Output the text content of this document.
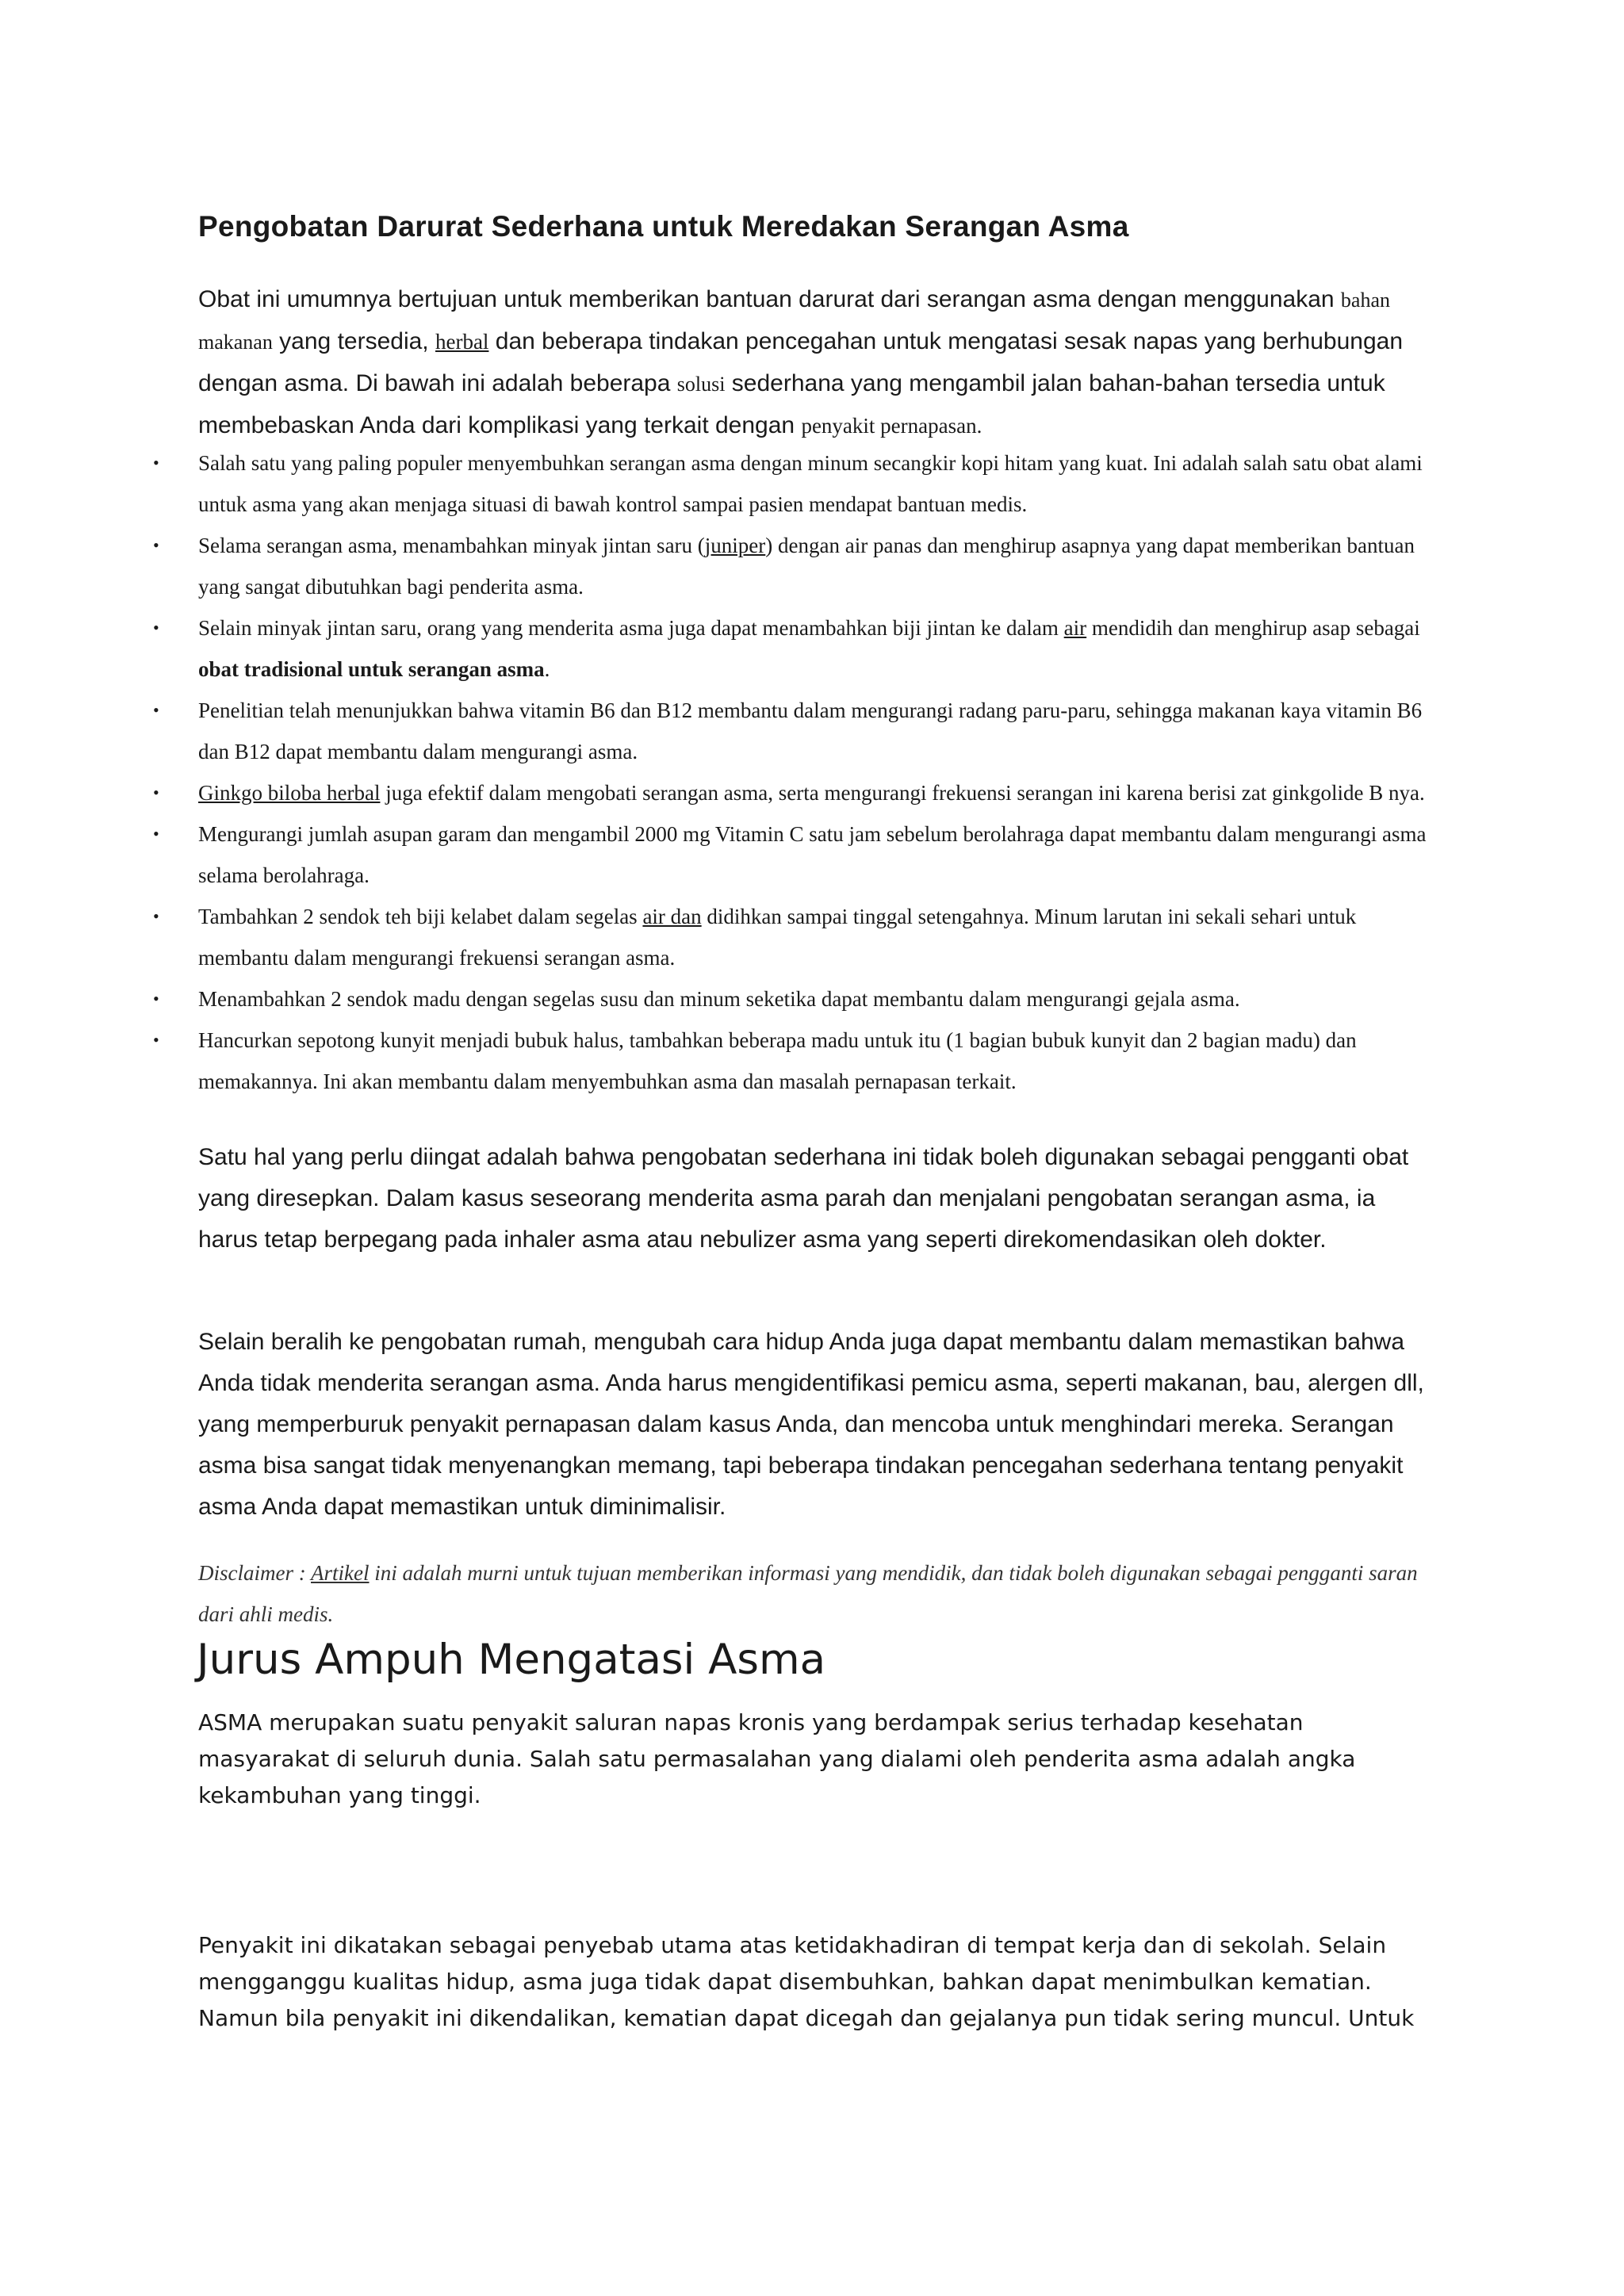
Pengobatan Darurat Sederhana untuk Meredakan Serangan Asma

Obat ini umumnya bertujuan untuk memberikan bantuan darurat dari serangan asma dengan menggunakan bahan makanan yang tersedia, herbal dan beberapa tindakan pencegahan untuk mengatasi sesak napas yang berhubungan dengan asma. Di bawah ini adalah beberapa solusi sederhana yang mengambil jalan bahan-bahan tersedia untuk membebaskan Anda dari komplikasi yang terkait dengan penyakit pernapasan.

• Salah satu yang paling populer menyembuhkan serangan asma dengan minum secangkir kopi hitam yang kuat. Ini adalah salah satu obat alami untuk asma yang akan menjaga situasi di bawah kontrol sampai pasien mendapat bantuan medis.
• Selama serangan asma, menambahkan minyak jintan saru (juniper) dengan air panas dan menghirup asapnya yang dapat memberikan bantuan yang sangat dibutuhkan bagi penderita asma.
• Selain minyak jintan saru, orang yang menderita asma juga dapat menambahkan biji jintan ke dalam air mendidih dan menghirup asap sebagai obat tradisional untuk serangan asma.
• Penelitian telah menunjukkan bahwa vitamin B6 dan B12 membantu dalam mengurangi radang paru-paru, sehingga makanan kaya vitamin B6 dan B12 dapat membantu dalam mengurangi asma.
• Ginkgo biloba herbal juga efektif dalam mengobati serangan asma, serta mengurangi frekuensi serangan ini karena berisi zat ginkgolide B nya.
• Mengurangi jumlah asupan garam dan mengambil 2000 mg Vitamin C satu jam sebelum berolahraga dapat membantu dalam mengurangi asma selama berolahraga.
• Tambahkan 2 sendok teh biji kelabet dalam segelas air dan didihkan sampai tinggal setengahnya. Minum larutan ini sekali sehari untuk membantu dalam mengurangi frekuensi serangan asma.
• Menambahkan 2 sendok madu dengan segelas susu dan minum seketika dapat membantu dalam mengurangi gejala asma.
• Hancurkan sepotong kunyit menjadi bubuk halus, tambahkan beberapa madu untuk itu (1 bagian bubuk kunyit dan 2 bagian madu) dan memakannya. Ini akan membantu dalam menyembuhkan asma dan masalah pernapasan terkait.

Satu hal yang perlu diingat adalah bahwa pengobatan sederhana ini tidak boleh digunakan sebagai pengganti obat yang diresepkan. Dalam kasus seseorang menderita asma parah dan menjalani pengobatan serangan asma, ia harus tetap berpegang pada inhaler asma atau nebulizer asma yang seperti direkomendasikan oleh dokter.

Selain beralih ke pengobatan rumah, mengubah cara hidup Anda juga dapat membantu dalam memastikan bahwa Anda tidak menderita serangan asma. Anda harus mengidentifikasi pemicu asma, seperti makanan, bau, alergen dll, yang memperburuk penyakit pernapasan dalam kasus Anda, dan mencoba untuk menghindari mereka. Serangan asma bisa sangat tidak menyenangkan memang, tapi beberapa tindakan pencegahan sederhana tentang penyakit asma Anda dapat memastikan untuk diminimalisir.

Disclaimer : Artikel ini adalah murni untuk tujuan memberikan informasi yang mendidik, dan tidak boleh digunakan sebagai pengganti saran dari ahli medis.

Jurus Ampuh Mengatasi Asma

ASMA merupakan suatu penyakit saluran napas kronis yang berdampak serius terhadap kesehatan masyarakat di seluruh dunia. Salah satu permasalahan yang dialami oleh penderita asma adalah angka kekambuhan yang tinggi.

Penyakit ini dikatakan sebagai penyebab utama atas ketidakhadiran di tempat kerja dan di sekolah. Selain mengganggu kualitas hidup, asma juga tidak dapat disembuhkan, bahkan dapat menimbulkan kematian. Namun bila penyakit ini dikendalikan, kematian dapat dicegah dan gejalanya pun tidak sering muncul. Untuk
